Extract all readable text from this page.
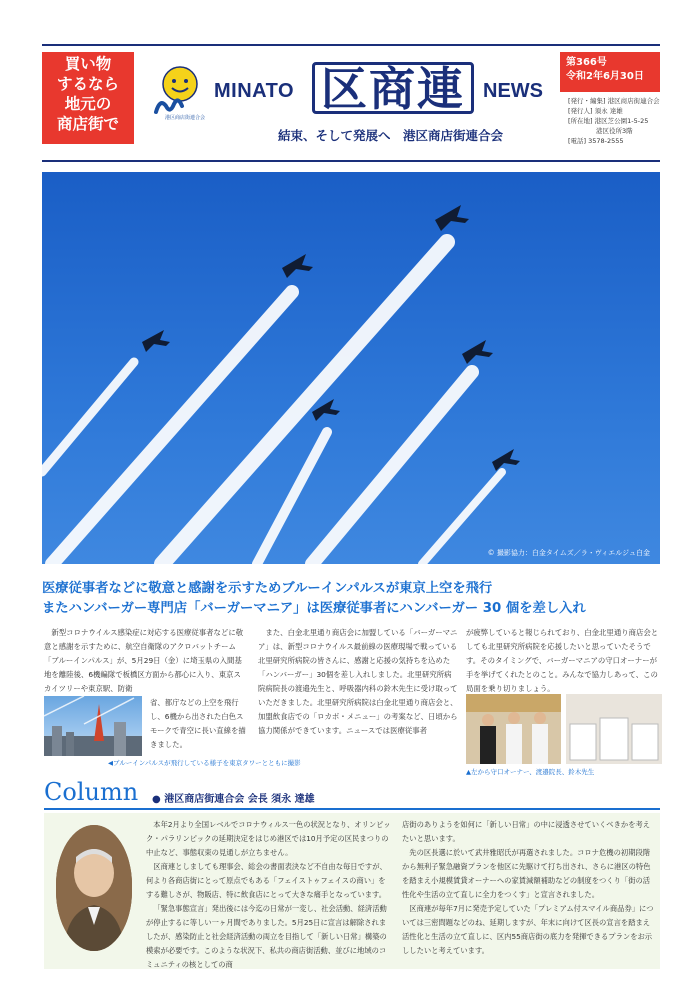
買い物
するなら
地元の
商店街で	港区商店街連合会
MINATO 区商連 NEWS
結束、そして発展へ　港区商店街連合会
第366号
令和2年6月30日
[発行・編集] 港区商店街連合会
[発行人] 須永 達雄
[所在地] 港区芝公園1-5-25
港区役所3階
[電話] 3578-2555
© 撮影協力：白金タイムズ／ラ・ヴィエルジュ白金
医療従事者などに敬意と感謝を示すためブルーインパルスが東京上空を飛行
またハンバーガー専門店「バーガーマニア」は医療従事者にハンバーガー 30 個を差し入れ

新型コロナウイルス感染症に対応する医療従事者などに敬意と感謝を示すために、航空自衛隊のアクロバットチーム「ブルーインパルス」が、5月29日（金）に埼玉県の入間基地を離陸後、6機編隊で板橋区方面から都心に入り、東京スカイツリーや東京駅、防衛

省、都庁などの上空を飛行し、6機から出された白色スモークで青空に長い直線を描きました。

◀ブルーインパルスが飛行している様子を東京タワーとともに撮影

また、白金北里通り商店会に加盟している「バーガーマニア」は、新型コロナウイルス最前線の医療現場で戦っている北里研究所病院の皆さんに、感謝と応援の気持ちを込めた「ハンバーガー」30個を差し入れしました。北里研究所病院病院長の渡邉先生と、呼吸器内科の鈴木先生に受け取っていただきました。北里研究所病院は白金北里通り商店会と、加盟飲食店での「ロカボ・メニュー」の考案など、日頃から協力関係ができています。ニュースでは医療従事者

が疲弊していると報じられており、白金北里通り商店会としても北里研究所病院を応援したいと思っていたそうです。そのタイミングで、バーガーマニアの守口オーナーが手を挙げてくれたとのこと。みんなで協力しあって、この局面を乗り切りましょう。

▲左から守口オーナー、渡邉院長、鈴木先生
Column ● 港区商店街連合会 会長 須永 達雄

本年2月より全国レベルでコロナウィルス一色の状況となり、オリンピック・パラリンピックの延期決定をはじめ港区では10月予定の区民まつりの中止など、事態収束の見通しが立ちません。

区商連としましても理事会、総会の書面表決など不自由な毎日ですが、何より各商店街にとって原点でもある「フェイストゥフェイスの商い」をする難しさが、物販店、特に飲食店にとって大きな痛手となっています。

「緊急事態宣言」発出後には今迄の日常が一変し、社会活動、経済活動が停止するに等しい一ヶ月間でありました。5月25日に宣言は解除されましたが、感染防止と社会経済活動の両立を目指して「新しい日常」構築の模索が必要です。このような状況下、私共の商店街活動、並びに地域のコミュニティの核としての商

店街のありようを如何に「新しい日常」の中に浸透させていくべきかを考えたいと思います。

先の区長選に於いて武井雅昭氏が再選されました。コロナ危機の初期段階から無利子緊急融資プランを他区に先駆けて打ち出され、さらに港区の特色を踏まえ小規模賃貸オーナーへの家賃減額補助などの制度をつくり「街の活性化や生活の立て直しに全力をつくす」と宣言されました。

区商連が毎年7月に発売予定していた「プレミアム付スマイル商品券」については三密問題などのね、延期しますが、年末に向けて区長の宣言を踏まえ活性化と生活の立て直しに、区内55商店街の底力を発揮できるプランをお示ししたいと考えています。
